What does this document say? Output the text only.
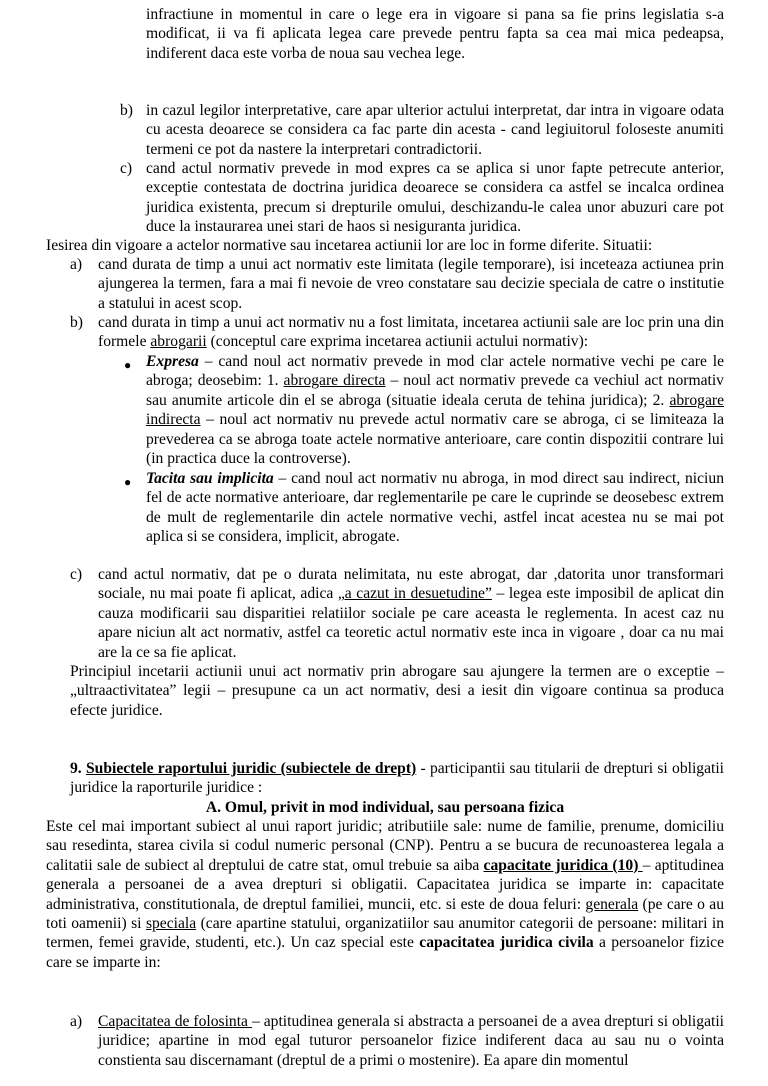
infractiune in momentul in care o lege era in vigoare si pana sa fie prins legislatia s-a modificat, ii va fi aplicata legea care prevede pentru fapta sa cea mai mica pedeapsa, indiferent daca este vorba de noua sau vechea lege.

b) in cazul legilor interpretative, care apar ulterior actului interpretat, dar intra in vigoare odata cu acesta deoarece se considera ca fac parte din acesta - cand legiuitorul foloseste anumiti termeni ce pot da nastere la interpretari contradictorii.

c) cand actul normativ prevede in mod expres ca se aplica si unor fapte petrecute anterior, exceptie contestata de doctrina juridica deoarece se considera ca astfel se incalca ordinea juridica existenta, precum si drepturile omului, deschizandu-le calea unor abuzuri care pot duce la instaurarea unei stari de haos si nesiguranta juridica.

Iesirea din vigoare a actelor normative sau incetarea actiunii lor are loc in forme diferite. Situatii:

a) cand durata de timp a unui act normativ este limitata (legile temporare), isi inceteaza actiunea prin ajungerea la termen, fara a mai fi nevoie de vreo constatare sau decizie speciala de catre o institutie a statului in acest scop.

b) cand durata in timp a unui act normativ nu a fost limitata, incetarea actiunii sale are loc prin una din formele abrogarii (conceptul care exprima incetarea actiunii actului normativ):

● Expresa – cand noul act normativ prevede in mod clar actele normative vechi pe care le abroga; deosebim: 1. abrogare directa – noul act normativ prevede ca vechiul act normativ sau anumite articole din el se abroga (situatie ideala ceruta de tehina juridica); 2. abrogare indirecta – noul act normativ nu prevede actul normativ care se abroga, ci se limiteaza la prevederea ca se abroga toate actele normative anterioare, care contin dispozitii contrare lui (in practica duce la controverse).

● Tacita sau implicita – cand noul act normativ nu abroga, in mod direct sau indirect, niciun fel de acte normative anterioare, dar reglementarile pe care le cuprinde se deosebesc extrem de mult de reglementarile din actele normative vechi, astfel incat acestea nu se mai pot aplica si se considera, implicit, abrogate.

c) cand actul normativ, dat pe o durata nelimitata, nu este abrogat, dar ,datorita unor transformari sociale, nu mai poate fi aplicat, adica „a cazut in desuetudine” – legea este imposibil de aplicat din cauza modificarii sau disparitiei relatiilor sociale pe care aceasta le reglementa. In acest caz nu apare niciun alt act normativ, astfel ca teoretic actul normativ este inca in vigoare , doar ca nu mai are la ce sa fie aplicat.

Principiul incetarii actiunii unui act normativ prin abrogare sau ajungere la termen are o exceptie – „ultraactivitatea” legii – presupune ca un act normativ, desi a iesit din vigoare continua sa produca efecte juridice.

9. Subiectele raportului juridic (subiectele de drept) - participantii sau titularii de drepturi si obligatii juridice la raporturile juridice :

A. Omul, privit in mod individual, sau persoana fizica

Este cel mai important subiect al unui raport juridic; atributiile sale: nume de familie, prenume, domiciliu sau resedinta, starea civila si codul numeric personal (CNP). Pentru a se bucura de recunoasterea legala a calitatii sale de subiect al dreptului de catre stat, omul trebuie sa aiba capacitate juridica (10) – aptitudinea generala a persoanei de a avea drepturi si obligatii. Capacitatea juridica se imparte in: capacitate administrativa, constitutionala, de dreptul familiei, muncii, etc. si este de doua feluri: generala (pe care o au toti oamenii) si speciala (care apartine statului, organizatiilor sau anumitor categorii de persoane: militari in termen, femei gravide, studenti, etc.). Un caz special este capacitatea juridica civila a persoanelor fizice care se imparte in:

a) Capacitatea de folosinta – aptitudinea generala si abstracta a persoanei de a avea drepturi si obligatii juridice; apartine in mod egal tuturor persoanelor fizice indiferent daca au sau nu o vointa constienta sau discernamant (dreptul de a primi o mostenire). Ea apare din momentul
